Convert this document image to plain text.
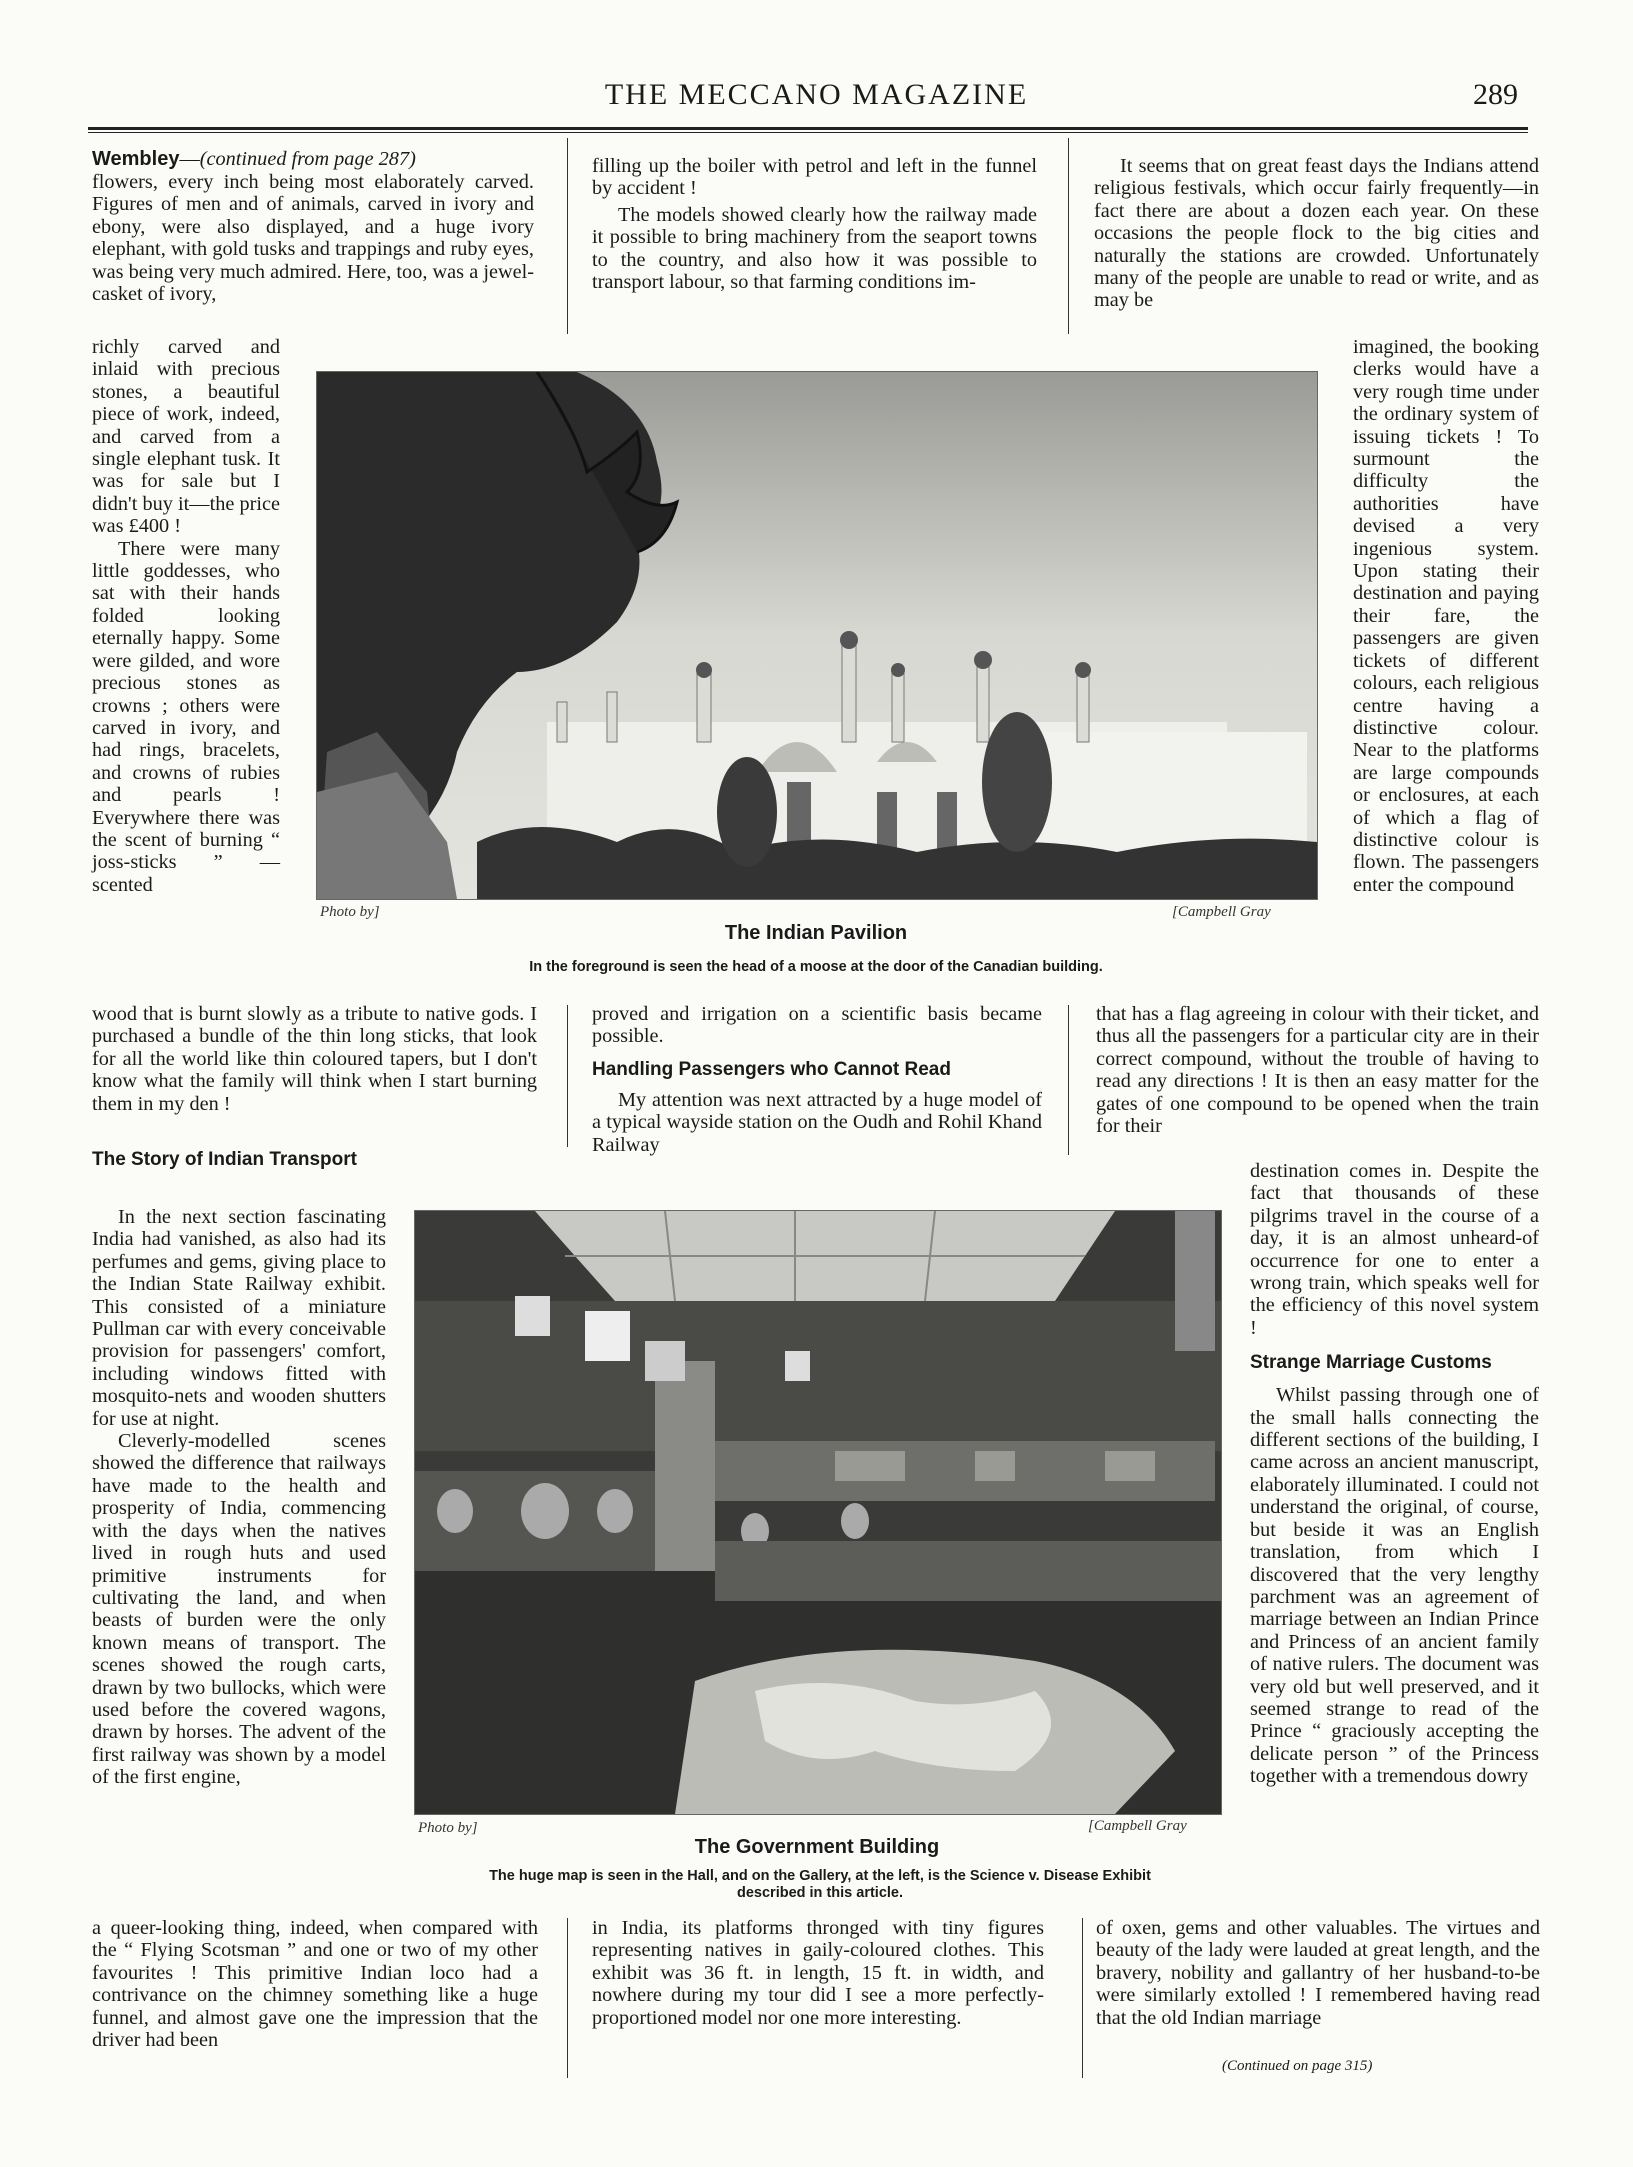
THE MECCANO MAGAZINE	289

Wembley—(continued from page 287)

flowers, every inch being most elaborately carved. Figures of men and of animals, carved in ivory and ebony, were also displayed, and a huge ivory elephant, with gold tusks and trappings and ruby eyes, was being very much admired. Here, too, was a jewel-casket of ivory,

richly carved and inlaid with precious stones, a beautiful piece of work, indeed, and carved from a single elephant tusk. It was for sale but I didn't buy it—the price was £400 !

There were many little goddesses, who sat with their hands folded looking eternally happy. Some were gilded, and wore precious stones as crowns ; others were carved in ivory, and had rings, bracelets, and crowns of rubies and pearls ! Everywhere there was the scent of burning “ joss-sticks ” — scented

wood that is burnt slowly as a tribute to native gods. I purchased a bundle of the thin long sticks, that look for all the world like thin coloured tapers, but I don't know what the family will think when I start burning them in my den !

The Story of Indian Transport

In the next section fascinating India had vanished, as also had its perfumes and gems, giving place to the Indian State Railway exhibit. This consisted of a miniature Pullman car with every conceivable provision for passengers' comfort, including windows fitted with mosquito-nets and wooden shutters for use at night.

Cleverly-modelled scenes showed the difference that railways have made to the health and prosperity of India, commencing with the days when the natives lived in rough huts and used primitive instruments for cultivating the land, and when beasts of burden were the only known means of transport. The scenes showed the rough carts, drawn by two bullocks, which were used before the covered wagons, drawn by horses. The advent of the first railway was shown by a model of the first engine,

a queer-looking thing, indeed, when compared with the “ Flying Scotsman ” and one or two of my other favourites ! This primitive Indian loco had a contrivance on the chimney something like a huge funnel, and almost gave one the impression that the driver had been

filling up the boiler with petrol and left in the funnel by accident !

The models showed clearly how the railway made it possible to bring machinery from the seaport towns to the country, and also how it was possible to transport labour, so that farming conditions im-

proved and irrigation on a scientific basis became possible.

Handling Passengers who Cannot Read

My attention was next attracted by a huge model of a typical wayside station on the Oudh and Rohil Khand Railway

in India, its platforms thronged with tiny figures representing natives in gaily-coloured clothes. This exhibit was 36 ft. in length, 15 ft. in width, and nowhere during my tour did I see a more perfectly-proportioned model nor one more interesting.

It seems that on great feast days the Indians attend religious festivals, which occur fairly frequently—in fact there are about a dozen each year. On these occasions the people flock to the big cities and naturally the stations are crowded. Unfortunately many of the people are unable to read or write, and as may be

imagined, the booking clerks would have a very rough time under the ordinary system of issuing tickets ! To surmount the difficulty the authorities have devised a very ingenious system. Upon stating their destination and paying their fare, the passengers are given tickets of different colours, each religious centre having a distinctive colour. Near to the platforms are large compounds or enclosures, at each of which a flag of distinctive colour is flown. The passengers enter the compound

that has a flag agreeing in colour with their ticket, and thus all the passengers for a particular city are in their correct compound, without the trouble of having to read any directions ! It is then an easy matter for the gates of one compound to be opened when the train for their

destination comes in. Despite the fact that thousands of these pilgrims travel in the course of a day, it is an almost unheard-of occurrence for one to enter a wrong train, which speaks well for the efficiency of this novel system !

Strange Marriage Customs

Whilst passing through one of the small halls connecting the different sections of the building, I came across an ancient manuscript, elaborately illuminated. I could not understand the original, of course, but beside it was an English translation, from which I discovered that the very lengthy parchment was an agreement of marriage between an Indian Prince and Princess of an ancient family of native rulers. The document was very old but well preserved, and it seemed strange to read of the Prince “ graciously accepting the delicate person ” of the Princess together with a tremendous dowry

of oxen, gems and other valuables. The virtues and beauty of the lady were lauded at great length, and the bravery, nobility and gallantry of her husband-to-be were similarly extolled ! I remembered having read that the old Indian marriage

(Continued on page 315)
Photo by]	[Campbell Gray
The Indian Pavilion
In the foreground is seen the head of a moose at the door of the Canadian building.
Photo by]	[Campbell Gray
The Government Building
The huge map is seen in the Hall, and on the Gallery, at the left, is the Science v. Disease Exhibit
described in this article.
